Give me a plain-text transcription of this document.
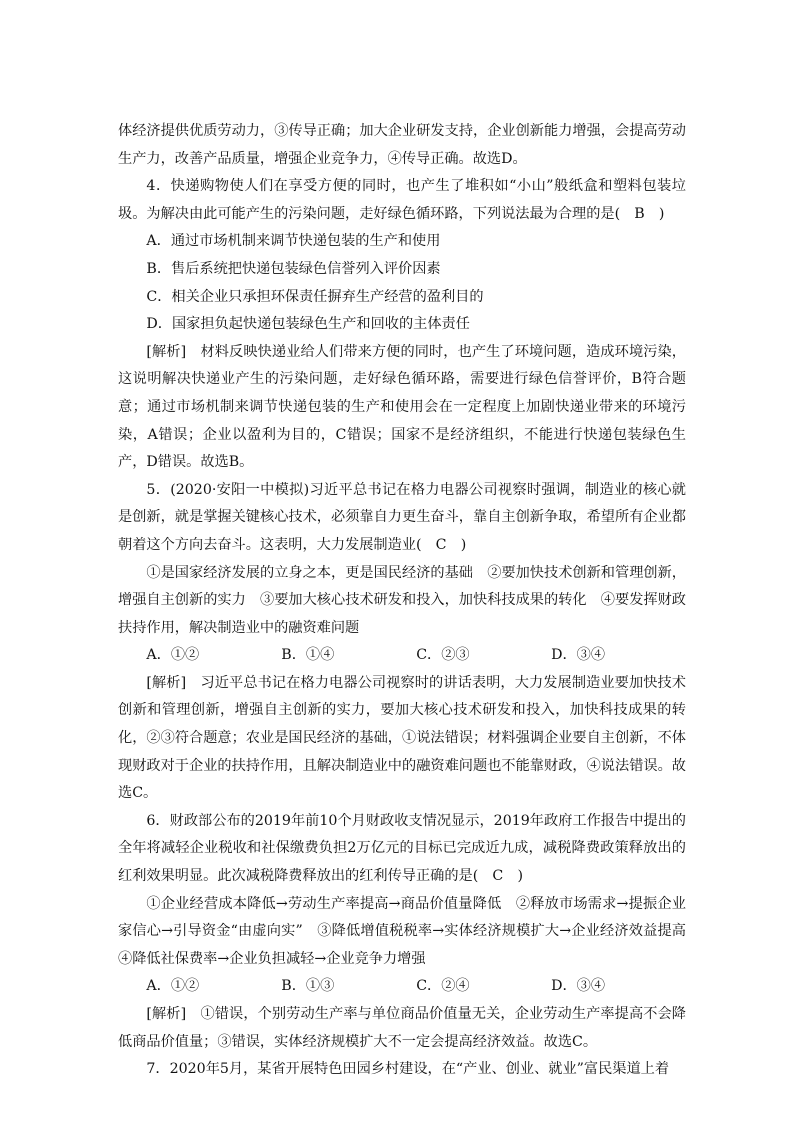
体经济提供优质劳动力，③传导正确；加大企业研发支持，企业创新能力增强，会提高劳动生产力，改善产品质量，增强企业竞争力，④传导正确。故选D。

4．快递购物使人们在享受方便的同时，也产生了堆积如“小山”般纸盒和塑料包装垃圾。为解决由此可能产生的污染问题，走好绿色循环路，下列说法最为合理的是(　B　)

A．通过市场机制来调节快递包装的生产和使用

B．售后系统把快递包装绿色信誉列入评价因素

C．相关企业只承担环保责任摒弃生产经营的盈利目的

D．国家担负起快递包装绿色生产和回收的主体责任

[解析]　材料反映快递业给人们带来方便的同时，也产生了环境问题，造成环境污染，这说明解决快递业产生的污染问题，走好绿色循环路，需要进行绿色信誉评价，B符合题意；通过市场机制来调节快递包装的生产和使用会在一定程度上加剧快递业带来的环境污染，A错误；企业以盈利为目的，C错误；国家不是经济组织，不能进行快递包装绿色生产，D错误。故选B。

5．(2020·安阳一中模拟)习近平总书记在格力电器公司视察时强调，制造业的核心就是创新，就是掌握关键核心技术，必须靠自力更生奋斗，靠自主创新争取，希望所有企业都朝着这个方向去奋斗。这表明，大力发展制造业(　C　)

①是国家经济发展的立身之本，更是国民经济的基础　②要加快技术创新和管理创新，增强自主创新的实力　③要加大核心技术研发和投入，加快科技成果的转化　④要发挥财政扶持作用，解决制造业中的融资难问题

A．①②	B．①④	C．②③	D．③④

[解析]　习近平总书记在格力电器公司视察时的讲话表明，大力发展制造业要加快技术创新和管理创新，增强自主创新的实力，要加大核心技术研发和投入，加快科技成果的转化，②③符合题意；农业是国民经济的基础，①说法错误；材料强调企业要自主创新，不体现财政对于企业的扶持作用，且解决制造业中的融资难问题也不能靠财政，④说法错误。故选C。

6．财政部公布的2019年前10个月财政收支情况显示，2019年政府工作报告中提出的全年将减轻企业税收和社保缴费负担2万亿元的目标已完成近九成，减税降费政策释放出的红利效果明显。此次减税降费释放出的红利传导正确的是(　C　)

①企业经营成本降低→劳动生产率提高→商品价值量降低　②释放市场需求→提振企业家信心→引导资金“由虚向实”　③降低增值税税率→实体经济规模扩大→企业经济效益提高　④降低社保费率→企业负担减轻→企业竞争力增强

A．①②	B．①③	C．②④	D．③④

[解析]　①错误，个别劳动生产率与单位商品价值量无关，企业劳动生产率提高不会降低商品价值量；③错误，实体经济规模扩大不一定会提高经济效益。故选C。

7．2020年5月，某省开展特色田园乡村建设，在“产业、创业、就业”富民渠道上着
